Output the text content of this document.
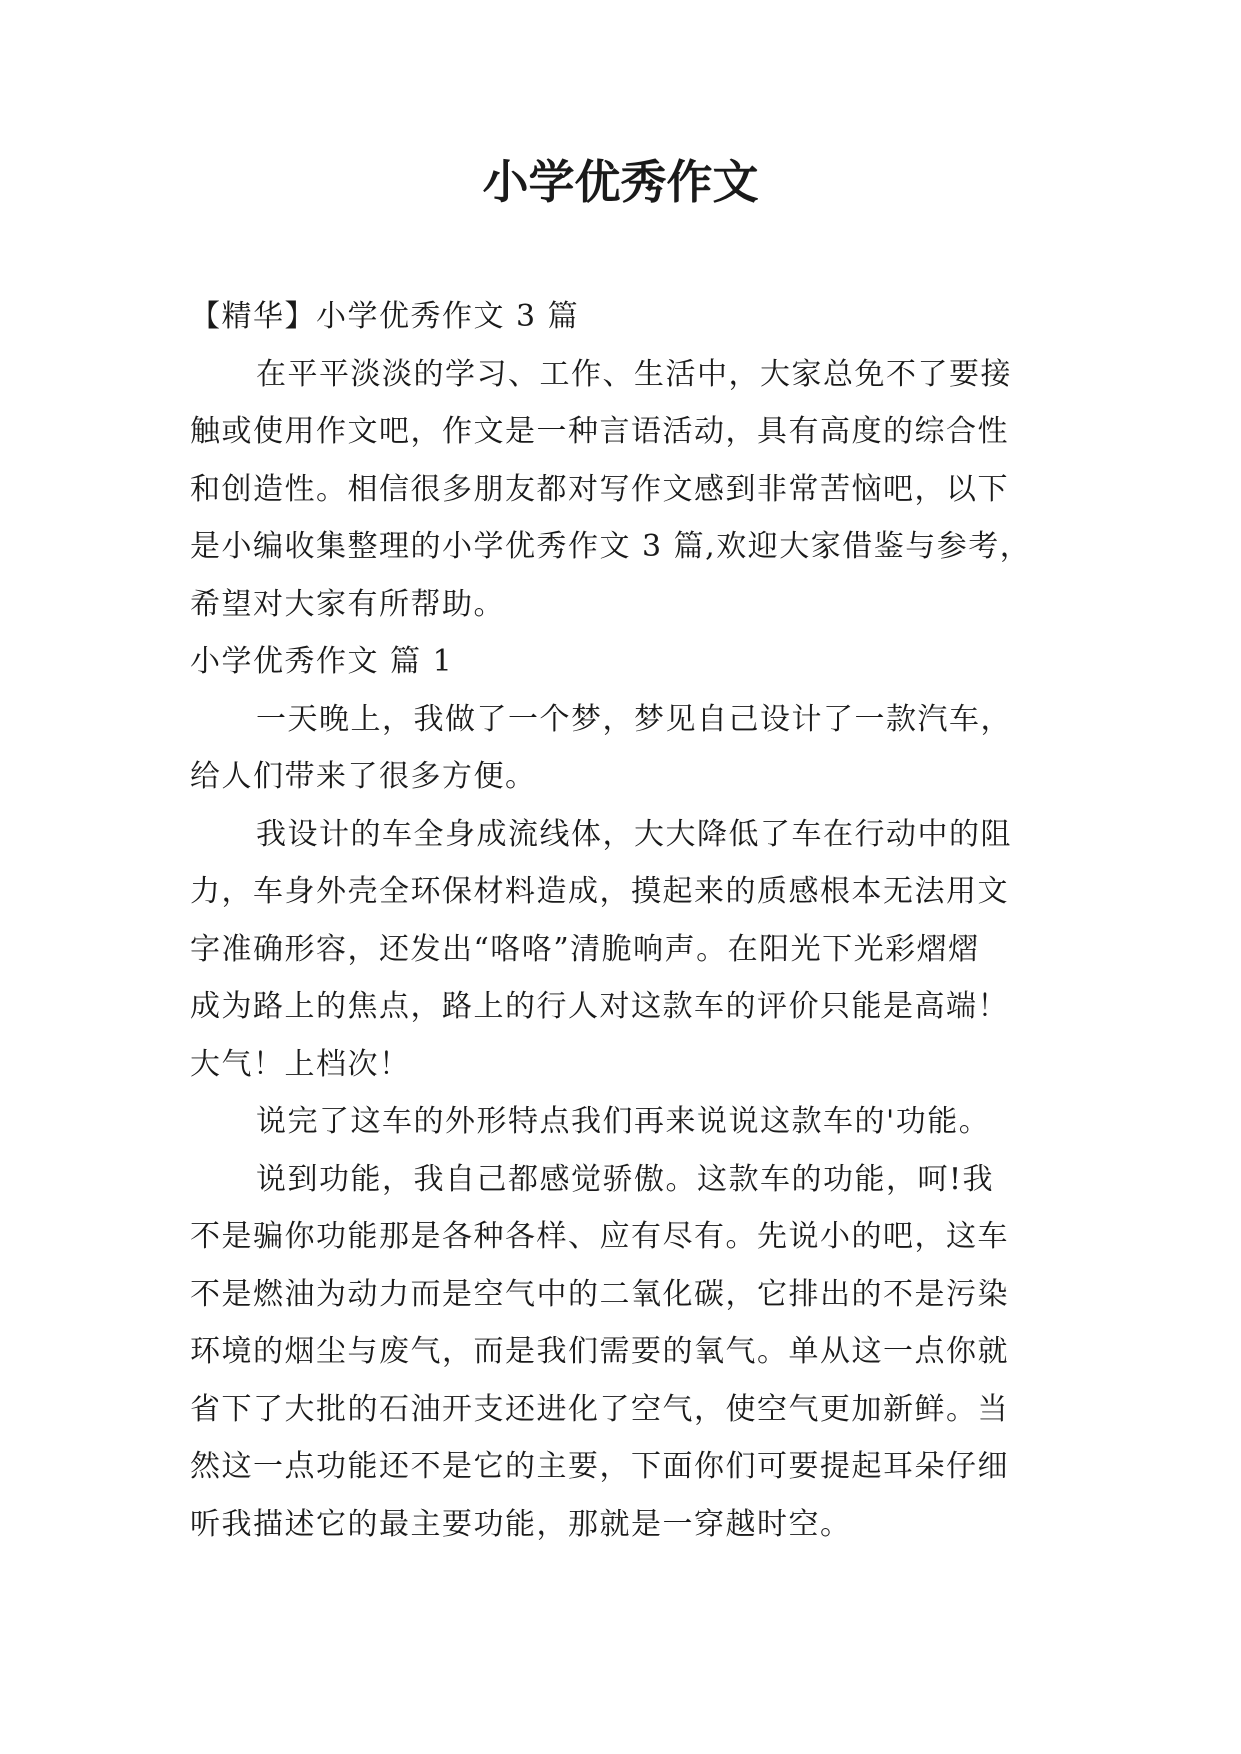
小学优秀作文

【精华】小学优秀作文 3 篇

在平平淡淡的学习、工作、生活中，大家总免不了要接

触或使用作文吧，作文是一种言语活动，具有高度的综合性

和创造性。相信很多朋友都对写作文感到非常苦恼吧，以下

是小编收集整理的小学优秀作文 3 篇,欢迎大家借鉴与参考，

希望对大家有所帮助。

小学优秀作文 篇 1

一天晚上，我做了一个梦，梦见自己设计了一款汽车，

给人们带来了很多方便。

我设计的车全身成流线体，大大降低了车在行动中的阻

力，车身外壳全环保材料造成，摸起来的质感根本无法用文

字准确形容，还发出“咯咯”清脆响声。在阳光下光彩熠熠

成为路上的焦点，路上的行人对这款车的评价只能是高端！

大气！上档次！

说完了这车的外形特点我们再来说说这款车的'功能。

说到功能，我自己都感觉骄傲。这款车的功能，呵!我

不是骗你功能那是各种各样、应有尽有。先说小的吧，这车

不是燃油为动力而是空气中的二氧化碳，它排出的不是污染

环境的烟尘与废气，而是我们需要的氧气。单从这一点你就

省下了大批的石油开支还进化了空气，使空气更加新鲜。当

然这一点功能还不是它的主要，下面你们可要提起耳朵仔细

听我描述它的最主要功能，那就是一穿越时空。
